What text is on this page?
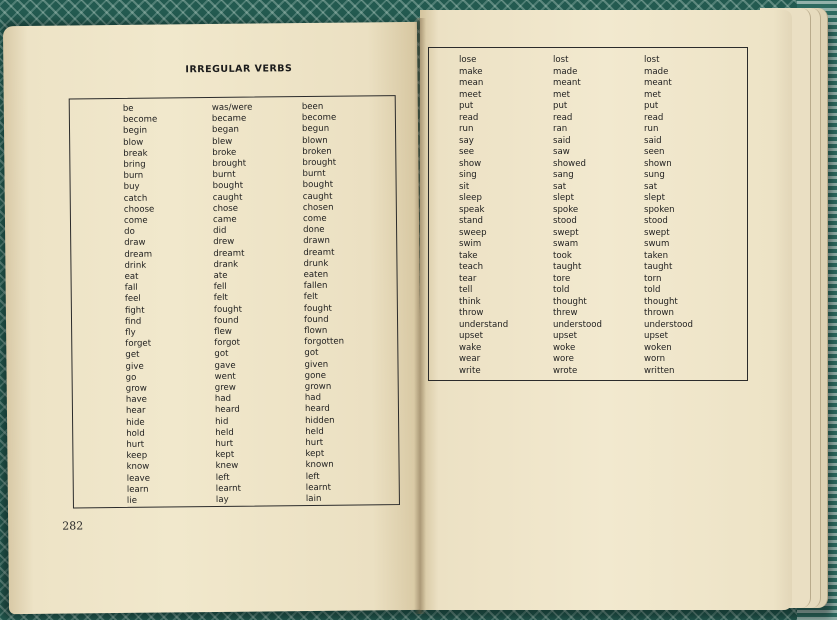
IRREGULAR VERBS
be	was/were	been
become	became	become
begin	began	begun
blow	blew	blown
break	broke	broken
bring	brought	brought
burn	burnt	burnt
buy	bought	bought
catch	caught	caught
choose	chose	chosen
come	came	come
do	did	done
draw	drew	drawn
dream	dreamt	dreamt
drink	drank	drunk
eat	ate	eaten
fall	fell	fallen
feel	felt	felt
fight	fought	fought
find	found	found
fly	flew	flown
forget	forgot	forgotten
get	got	got
give	gave	given
go	went	gone
grow	grew	grown
have	had	had
hear	heard	heard
hide	hid	hidden
hold	held	held
hurt	hurt	hurt
keep	kept	kept
know	knew	known
leave	left	left
learn	learnt	learnt
lie	lay	lain
282
lose	lost	lost
make	made	made
mean	meant	meant
meet	met	met
put	put	put
read	read	read
run	ran	run
say	said	said
see	saw	seen
show	showed	shown
sing	sang	sung
sit	sat	sat
sleep	slept	slept
speak	spoke	spoken
stand	stood	stood
sweep	swept	swept
swim	swam	swum
take	took	taken
teach	taught	taught
tear	tore	torn
tell	told	told
think	thought	thought
throw	threw	thrown
understand	understood	understood
upset	upset	upset
wake	woke	woken
wear	wore	worn
write	wrote	written
